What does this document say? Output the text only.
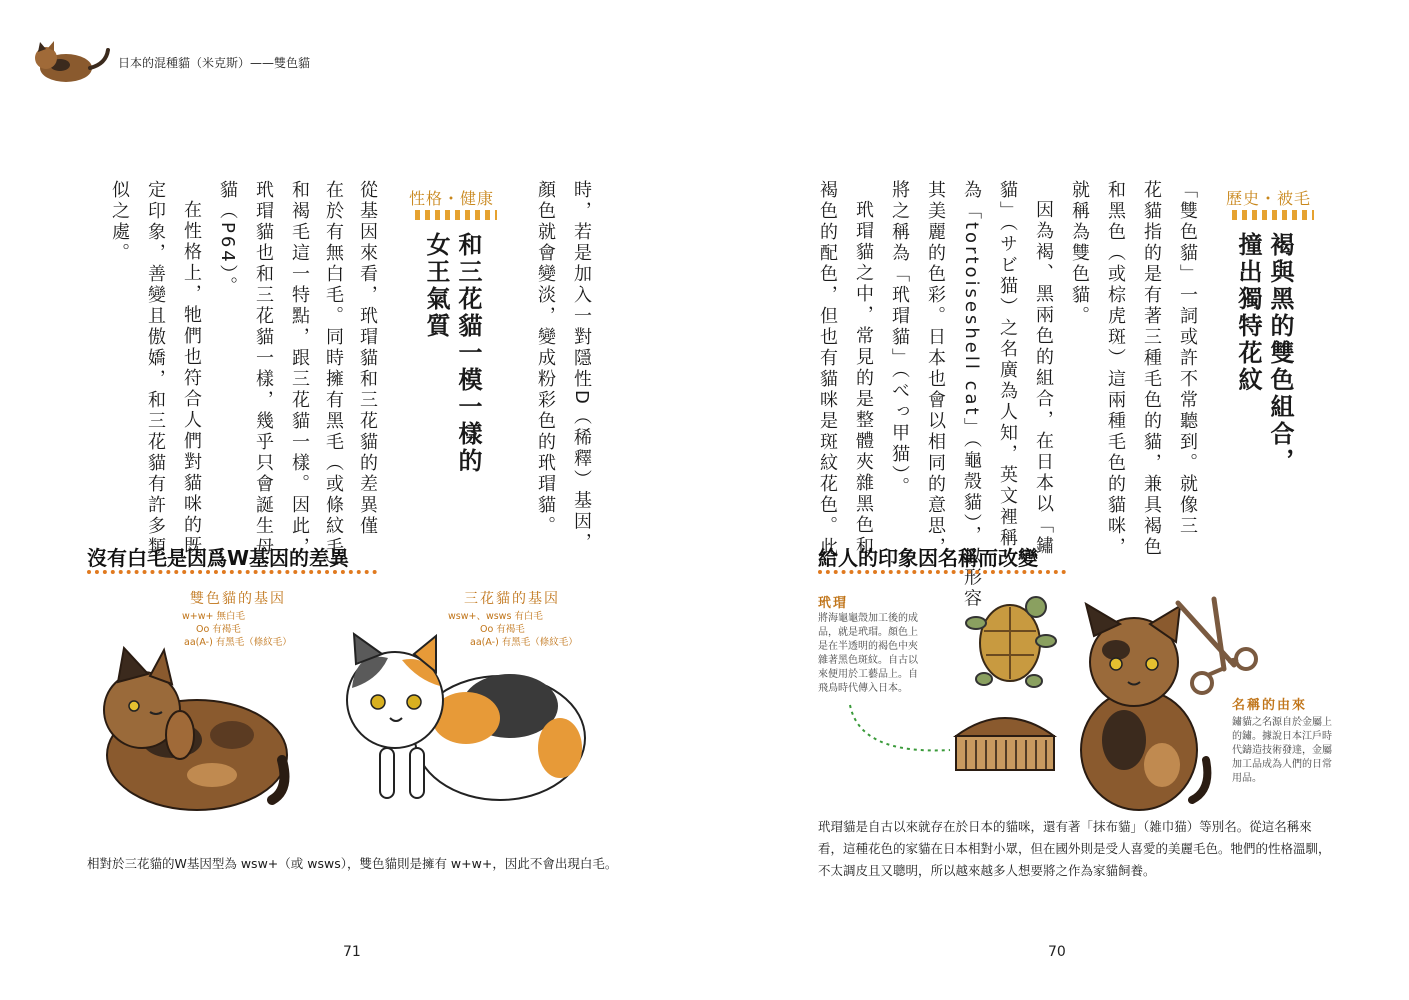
日本的混種貓（米克斯）——雙色貓
時，若是加入一對隱性D（稀釋）基因，
顏色就會變淡，變成粉彩色的玳瑁貓。
性格・健康
和三花貓一模一樣的
女王氣質
從基因來看，玳瑁貓和三花貓的差異僅
在於有無白毛。同時擁有黑毛（或條紋毛）
和褐毛這一特點，跟三花貓一樣。因此，
玳瑁貓也和三花貓一樣，幾乎只會誕生母
貓（P64）。
在性格上，牠們也符合人們對貓咪的既
定印象，善變且傲嬌，和三花貓有許多類
似之處。
沒有白毛是因爲W基因的差異
雙色貓的基因
w+w+ 無白毛
Oo 有褐毛
aa(A-) 有黑毛（條紋毛）
三花貓的基因
wsw+、wsws 有白毛
Oo 有褐毛
aa(A-) 有黑毛（條紋毛）
相對於三花貓的W基因型為 wsw+（或 wsws），雙色貓則是擁有 w+w+，因此不會出現白毛。
71
歷史・被毛
褐與黑的雙色組合，
撞出獨特花紋
「雙色貓」一詞或許不常聽到。就像三
花貓指的是有著三種毛色的貓，兼具褐色
和黑色（或棕虎斑）這兩種毛色的貓咪，
就稱為雙色貓。
因為褐、黑兩色的組合，在日本以「鏽
貓」（サビ猫）之名廣為人知，英文裡稱
為「tortoiseshell cat」（龜殼貓），以形容
其美麗的色彩。日本也會以相同的意思，
將之稱為「玳瑁貓」（べっ甲猫）。
玳瑁貓之中，常見的是整體夾雜黑色和
褐色的配色，但也有貓咪是斑紋花色。此
給人的印象因名稱而改變
玳瑁
將海龜龜殼加工後的成
品，就是玳瑁。顏色上
是在半透明的褐色中夾
雜著黑色斑紋。自古以
來便用於工藝品上。自
飛鳥時代傳入日本。
名稱的由來
鏽貓之名源自於金屬上
的鏽。據說日本江戶時
代鑄造技術發達，金屬
加工品成為人們的日常
用品。
玳瑁貓是自古以來就存在於日本的貓咪，還有著「抹布貓」（雑巾猫）等別名。從這名稱來
看，這種花色的家貓在日本相對小眾，但在國外則是受人喜愛的美麗毛色。牠們的性格溫馴，
不太調皮且又聰明，所以越來越多人想要將之作為家貓飼養。
70
